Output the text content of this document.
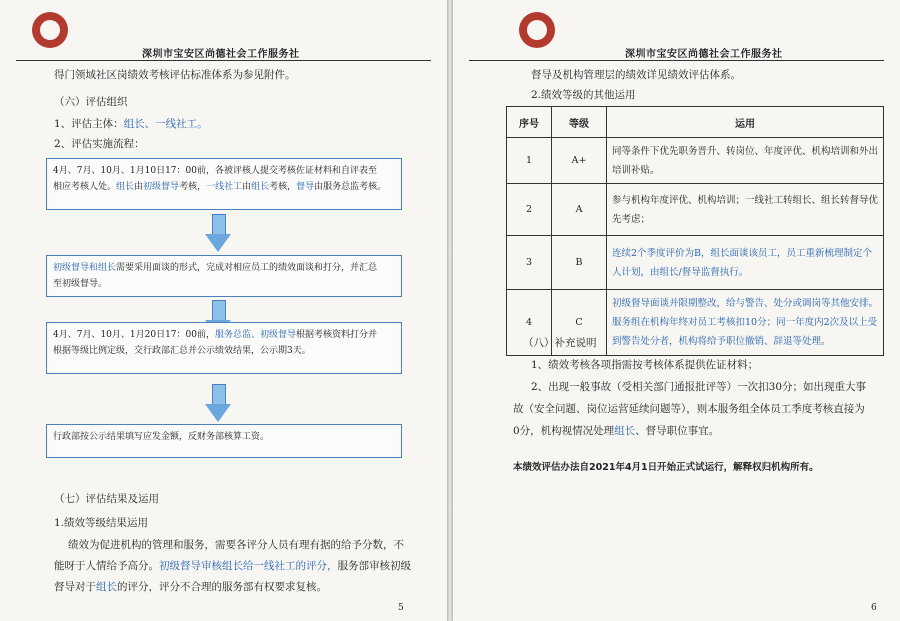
深圳市宝安区尚德社会工作服务社
得门领域社区岗绩效考核评估标准体系为参见附件。
（六）评估组织
1、评估主体：组长、一线社工。
2、评估实施流程：
4月、7月、10月、1月10日17：00前，各被评核人提交考核佐证材料和自评表至
相应考核人处。组长由初级督导考核，一线社工由组长考核，督导由服务总监考核。
初级督导和组长需要采用面谈的形式，完成对相应员工的绩效面谈和打分，并汇总
至初级督导。
4月、7月、10月、1月20日17：00前，服务总监、初级督导根据考核资料打分并
根据等级比例定级，交行政部汇总并公示绩效结果，公示期3天。
行政部按公示结果填写应发金额，反财务部核算工资。
（七）评估结果及运用
1.绩效等级结果运用
绩效为促进机构的管理和服务，需要各评分人员有理有据的给予分数，不
能呀于人情给予高分。初级督导审核组长给一线社工的评分，服务部审核初级
督导对于组长的评分，评分不合理的服务部有权要求复核。
5
深圳市宝安区尚德社会工作服务社
督导及机构管理层的绩效详见绩效评估体系。
2.绩效等级的其他运用
序号	等级	运用
1	A+	同等条件下优先职务晋升、转岗位、年度评优、机构培训和外出培训补贴。
2	A	参与机构年度评优、机构培训；一线社工转组长、组长转督导优先考虑；
3	B	连续2个季度评价为B，组长面谈该员工，员工重新梳理制定个人计划，由组长/督导监督执行。
4	C	初级督导面谈并限期整改，给与警告、处分或调岗等其他安排。服务组在机构年终对员工考核扣10分；同一年度内2次及以上受到警告处分者，机构将给予职位撤销、辞退等处理。
（八）补充说明
1、绩效考核各项指需按考核体系提供佐证材料；
2、出现一般事故（受相关部门通报批评等）一次扣30分；如出现重大事
故（安全问题、岗位运营延续问题等），则本服务组全体员工季度考核直接为
0分，机构视情况处理组长、督导职位事宜。
本绩效评估办法自2021年4月1日开始正式试运行，解释权归机构所有。
6
